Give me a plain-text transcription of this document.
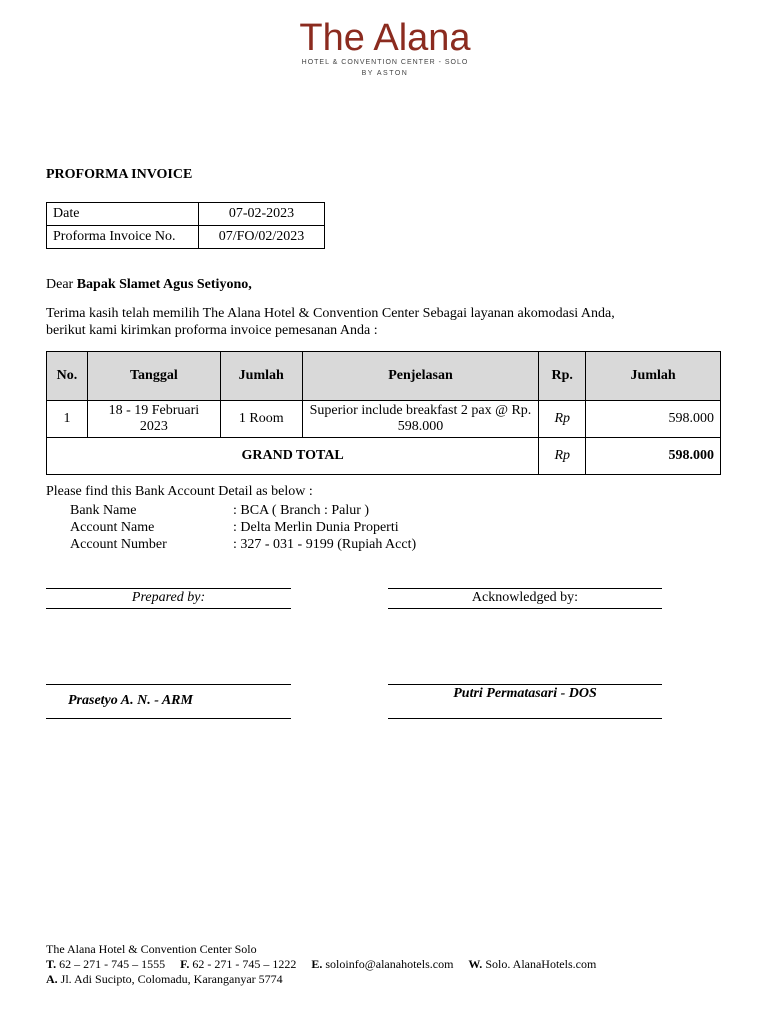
The Alana
HOTEL & CONVENTION CENTER - SOLO
BY ASTON
PROFORMA INVOICE
Date	07-02-2023
Proforma Invoice No.	07/FO/02/2023
Dear Bapak Slamet Agus Setiyono,
Terima kasih telah memilih The Alana Hotel & Convention Center Sebagai layanan akomodasi Anda,
berikut kami kirimkan proforma invoice pemesanan Anda :
No.	Tanggal	Jumlah	Penjelasan	Rp.	Jumlah
1	18 - 19 Februari 2023	1 Room	Superior include breakfast 2 pax @ Rp. 598.000	Rp	598.000
GRAND TOTAL				Rp	598.000
Please find this Bank Account Detail as below :
Bank Name	: BCA ( Branch : Palur )
Account Name	: Delta Merlin Dunia Properti
Account Number	: 327 - 031 - 9199 (Rupiah Acct)
Prepared by:	Acknowledged by:
Prasetyo A. N. - ARM	Putri Permatasari - DOS
The Alana Hotel & Convention Center Solo
T. 62 – 271 - 745 – 1555 F. 62 - 271 - 745 – 1222 E. soloinfo@alanahotels.com W. Solo. AlanaHotels.com
A. Jl. Adi Sucipto, Colomadu, Karanganyar 5774
